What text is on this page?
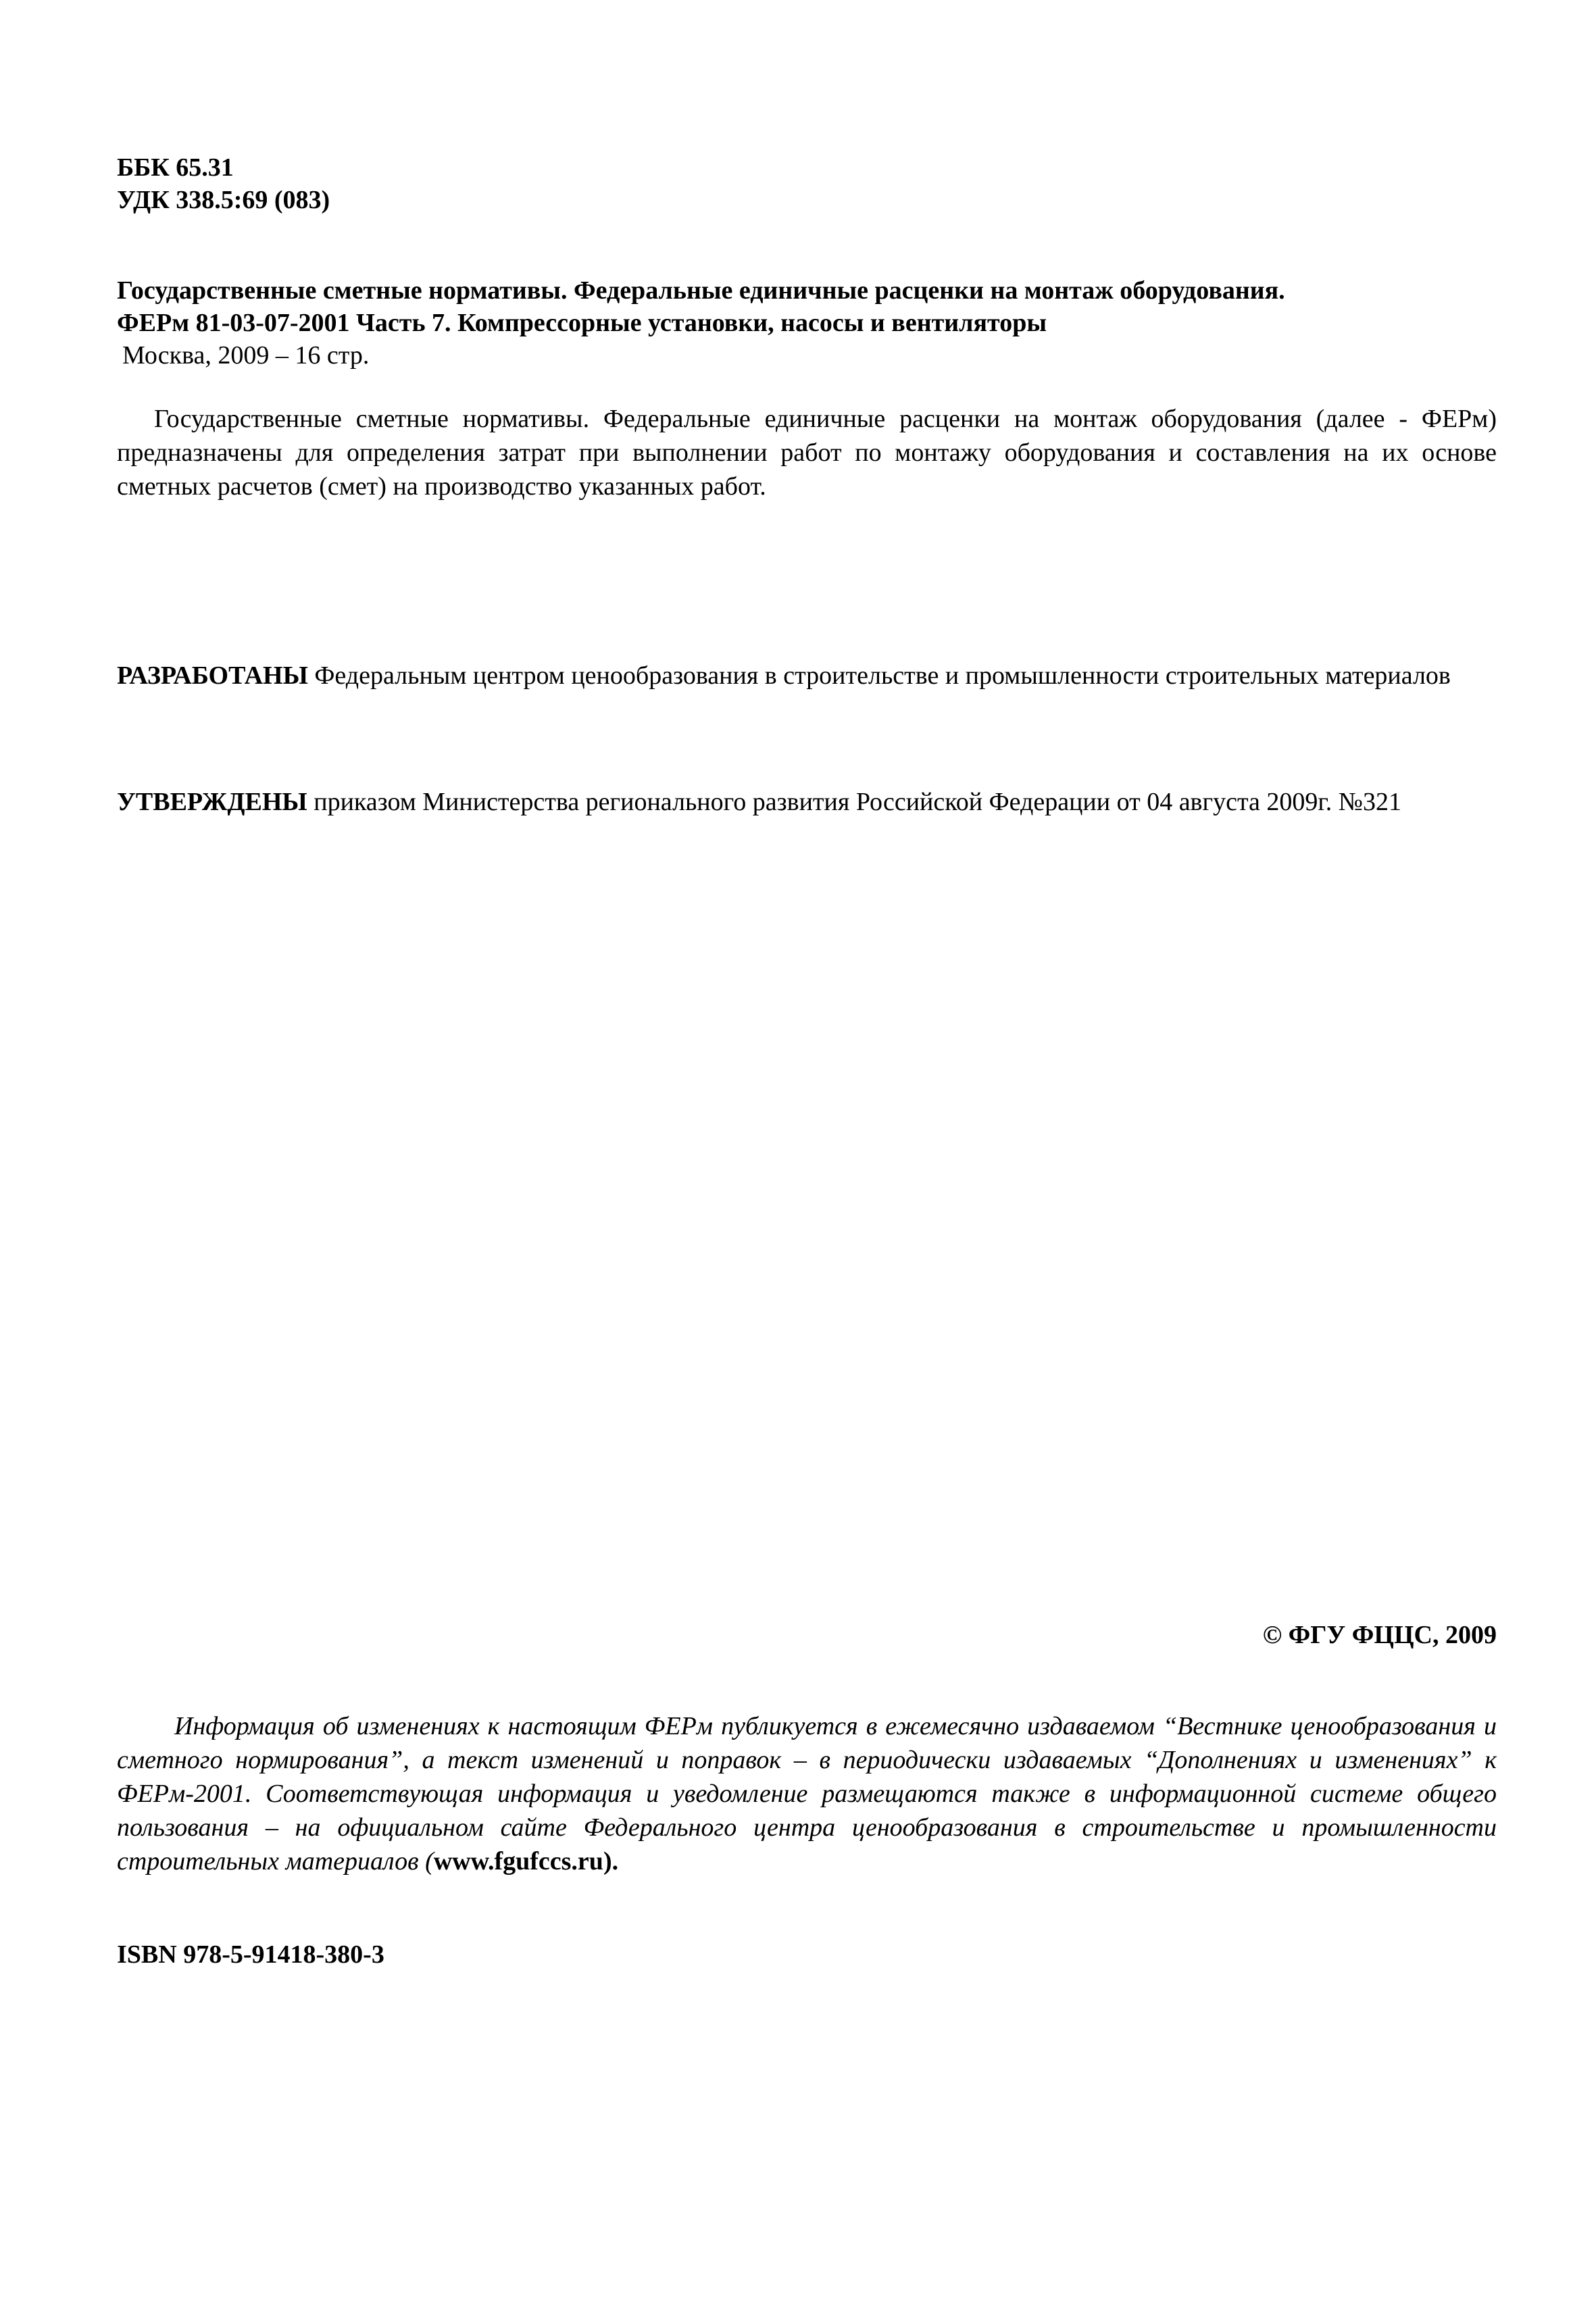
ББК 65.31
УДК 338.5:69 (083)
Государственные сметные нормативы. Федеральные единичные расценки на монтаж оборудования.
ФЕРм 81-03-07-2001 Часть 7. Компрессорные установки, насосы и вентиляторы
Москва, 2009 – 16 стр.
Государственные сметные нормативы. Федеральные единичные расценки на монтаж оборудования (далее - ФЕРм) предназначены для определения затрат при выполнении работ по монтажу оборудования и составления на их основе сметных расчетов (смет) на производство указанных работ.
РАЗРАБОТАНЫ Федеральным центром ценообразования в строительстве и промышленности строительных материалов
УТВЕРЖДЕНЫ приказом Министерства регионального развития Российской Федерации от 04 августа 2009г. №321
© ФГУ ФЦЦС, 2009
Информация об изменениях к настоящим ФЕРм публикуется в ежемесячно издаваемом “Вестнике ценообразования и сметного нормирования”, а текст изменений и поправок – в периодически издаваемых “Дополнениях и изменениях” к ФЕРм-2001. Соответствующая информация и уведомление размещаются также в информационной системе общего пользования – на официальном сайте Федерального центра ценообразования в строительстве и промышленности строительных материалов (www.fgufccs.ru).
ISBN 978-5-91418-380-3
